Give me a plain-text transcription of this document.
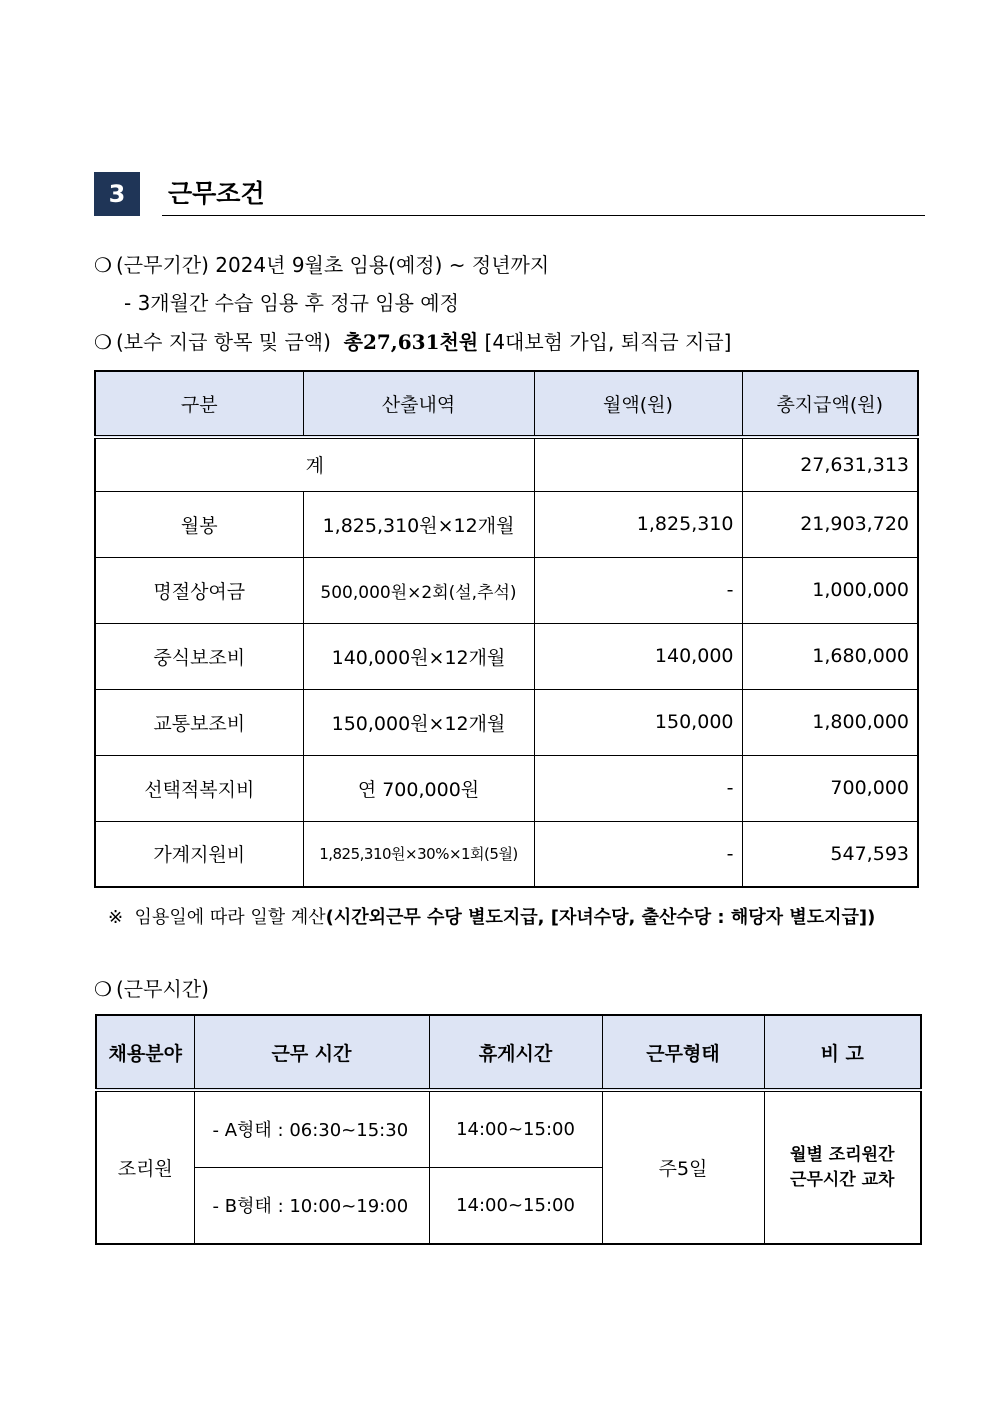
3	근무조건
❍ (근무기간) 2024년 9월초 임용(예정) ~ 정년까지
- 3개월간 수습 임용 후 정규 임용 예정
❍ (보수 지급 항목 및 금액) 총27,631천원 [4대보험 가입, 퇴직금 지급]
구분	산출내역	월액(원)	총지급액(원)
계			27,631,313
월봉	1,825,310원×12개월	1,825,310	21,903,720
명절상여금	500,000원×2회(설,추석)	-	1,000,000
중식보조비	140,000원×12개월	140,000	1,680,000
교통보조비	150,000원×12개월	150,000	1,800,000
선택적복지비	연 700,000원	-	700,000
가계지원비	1,825,310원×30%×1회(5월)	-	547,593
※ 임용일에 따라 일할 계산(시간외근무 수당 별도지급, [자녀수당, 출산수당 : 해당자 별도지급])
❍ (근무시간)
채용분야	근무 시간	휴게시간	근무형태	비 고
조리원	- A형태 : 06:30~15:30	14:00~15:00	주5일	월별 조리원간
근무시간 교차

	- B형태 : 10:00~19:00	14:00~15:00		
